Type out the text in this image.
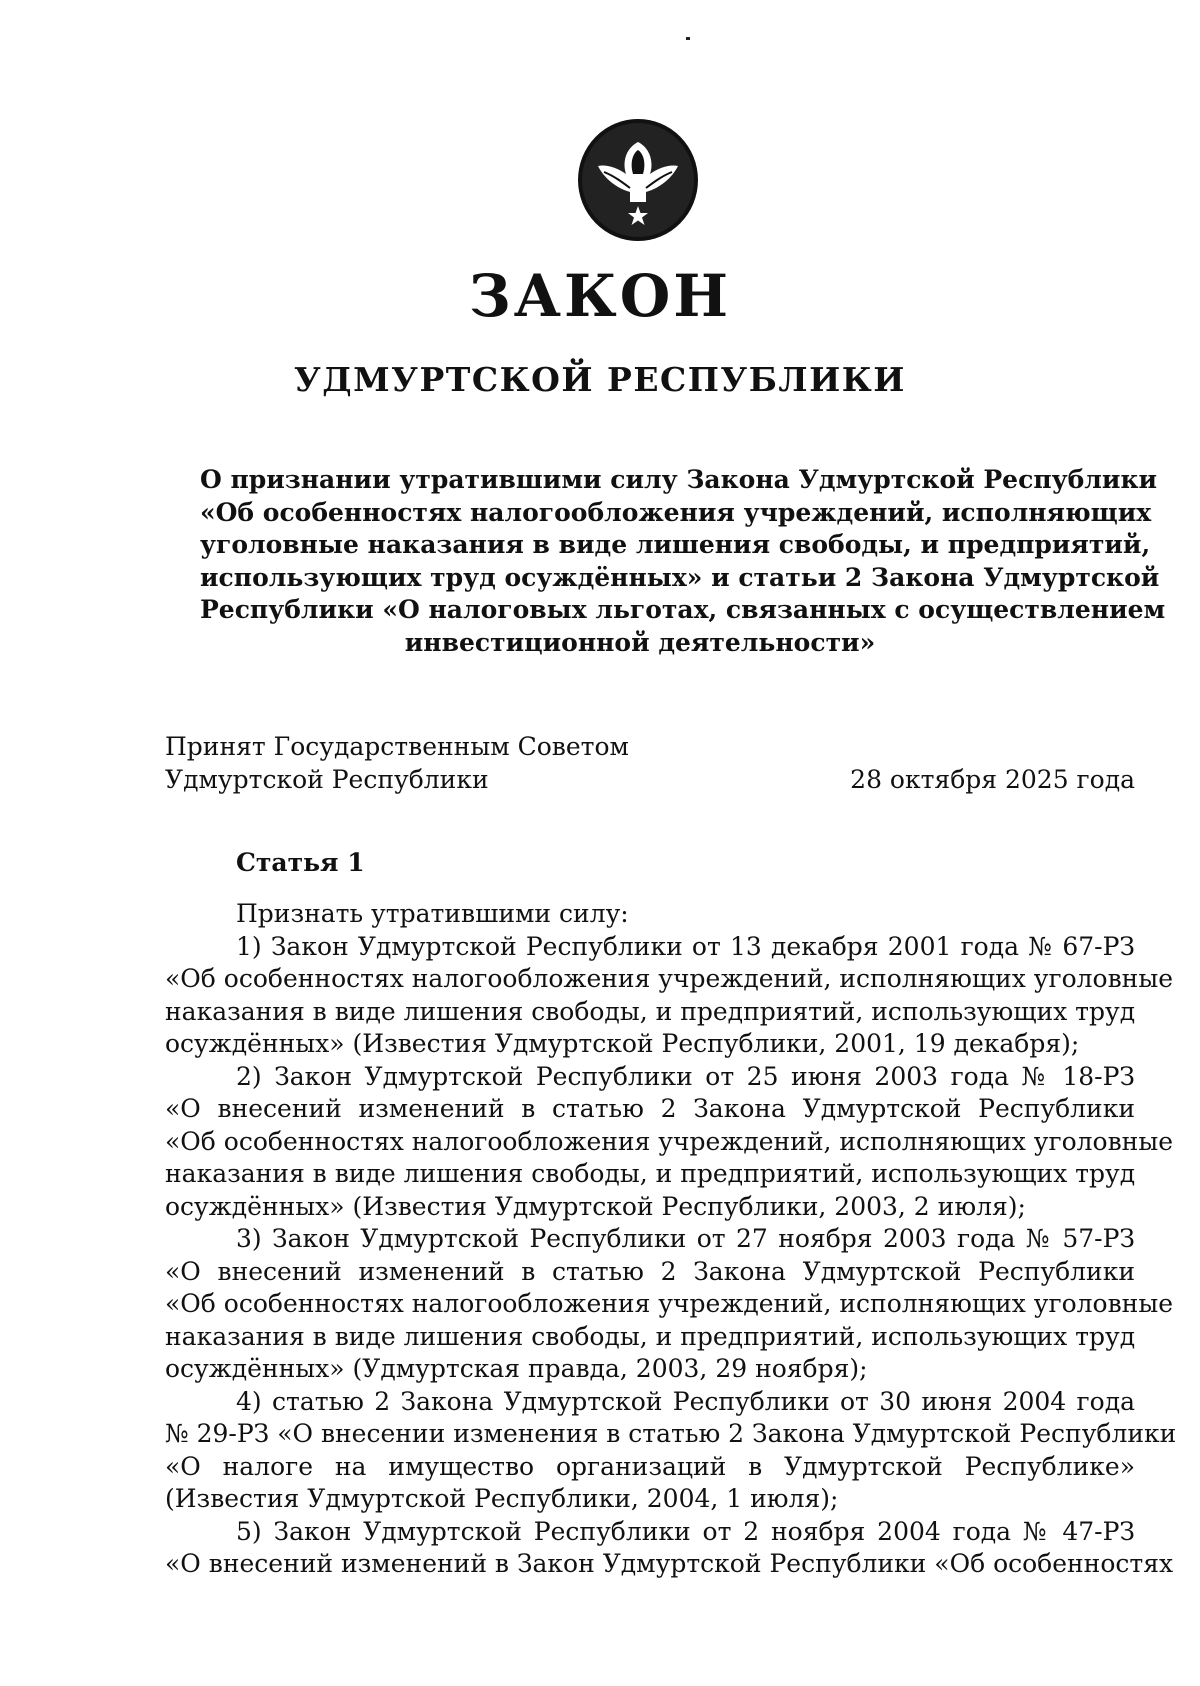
ЗАКОН
УДМУРТСКОЙ РЕСПУБЛИКИ
О признании утратившими силу Закона Удмуртской Республики
«Об особенностях налогообложения учреждений, исполняющих
уголовные наказания в виде лишения свободы, и предприятий,
использующих труд осуждённых» и статьи 2 Закона Удмуртской
Республики «О налоговых льготах, связанных с осуществлением
инвестиционной деятельности»
Принят Государственным Советом
Удмуртской Республики	28 октября 2025 года
Статья 1
Признать утратившими силу:
1) Закон Удмуртской Республики от 13 декабря 2001 года № 67-РЗ
«Об особенностях налогообложения учреждений, исполняющих уголовные
наказания в виде лишения свободы, и предприятий, использующих труд
осуждённых» (Известия Удмуртской Республики, 2001, 19 декабря);
2) Закон Удмуртской Республики от 25 июня 2003 года № 18-РЗ
«О внесений изменений в статью 2 Закона Удмуртской Республики
«Об особенностях налогообложения учреждений, исполняющих уголовные
наказания в виде лишения свободы, и предприятий, использующих труд
осуждённых» (Известия Удмуртской Республики, 2003, 2 июля);
3) Закон Удмуртской Республики от 27 ноября 2003 года № 57-РЗ
«О внесений изменений в статью 2 Закона Удмуртской Республики
«Об особенностях налогообложения учреждений, исполняющих уголовные
наказания в виде лишения свободы, и предприятий, использующих труд
осуждённых» (Удмуртская правда, 2003, 29 ноября);
4) статью 2 Закона Удмуртской Республики от 30 июня 2004 года
№ 29-РЗ «О внесении изменения в статью 2 Закона Удмуртской Республики
«О налоге на имущество организаций в Удмуртской Республике»
(Известия Удмуртской Республики, 2004, 1 июля);
5) Закон Удмуртской Республики от 2 ноября 2004 года № 47-РЗ
«О внесений изменений в Закон Удмуртской Республики «Об особенностях
